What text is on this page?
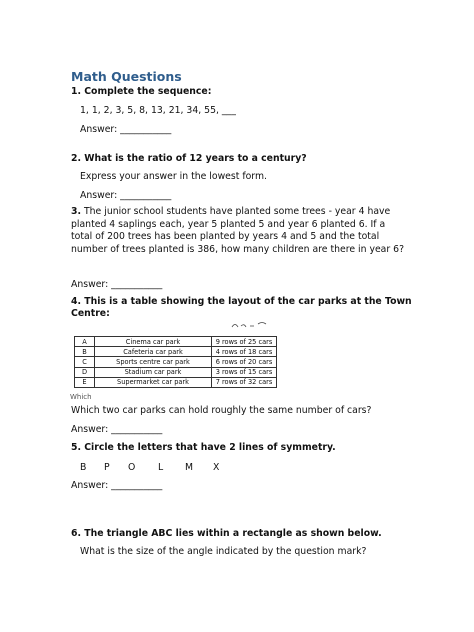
Math Questions
1. Complete the sequence:
1, 1, 2, 3, 5, 8, 13, 21, 34, 55, ___
Answer: ___________
2. What is the ratio of 12 years to a century?
Express your answer in the lowest form.
Answer: ___________
3. The junior school students have planted some trees - year 4 have planted 4 saplings each, year 5 planted 5 and year 6 planted 6. If a total of 200 trees has been planted by years 4 and 5 and the total number of trees planted is 386, how many children are there in year 6?
Answer: ___________
4. This is a table showing the layout of the car parks at the Town
Centre:
A	Cinema car park	9 rows of 25 cars
B	Cafeteria car park	4 rows of 18 cars
C	Sports centre car park	6 rows of 20 cars
D	Stadium car park	3 rows of 15 cars
E	Supermarket car park	7 rows of 32 cars
Which
Which two car parks can hold roughly the same number of cars?
Answer: ___________
5. Circle the letters that have 2 lines of symmetry.
B P O L M X
Answer: ___________
6. The triangle ABC lies within a rectangle as shown below.
What is the size of the angle indicated by the question mark?
